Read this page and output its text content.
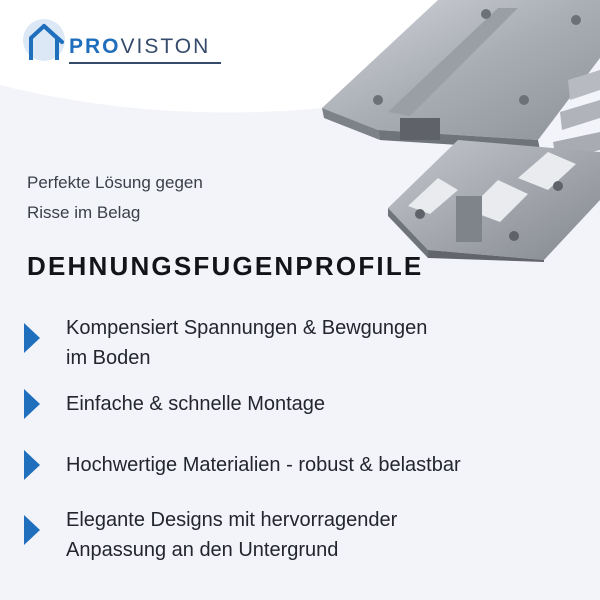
PROVISTON
Perfekte Lösung gegen
Risse im Belag
DEHNUNGSFUGENPROFILE
Kompensiert Spannungen & Bewgungen
im Boden
Einfache & schnelle Montage
Hochwertige Materialien - robust & belastbar
Elegante Designs mit hervorragender
Anpassung an den Untergrund
